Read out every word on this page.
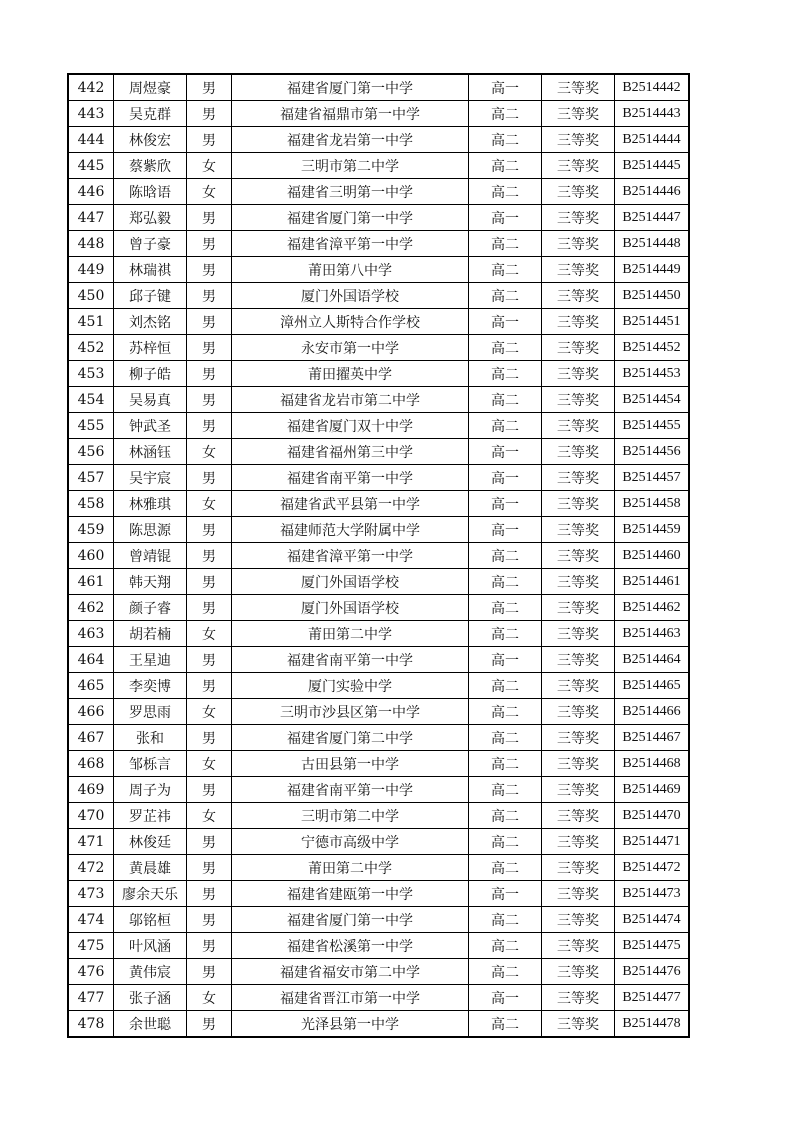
442	周煜豪	男	福建省厦门第一中学	高一	三等奖	B2514442
443	吴克群	男	福建省福鼎市第一中学	高二	三等奖	B2514443
444	林俊宏	男	福建省龙岩第一中学	高二	三等奖	B2514444
445	蔡紫欣	女	三明市第二中学	高二	三等奖	B2514445
446	陈晗语	女	福建省三明第一中学	高二	三等奖	B2514446
447	郑弘毅	男	福建省厦门第一中学	高一	三等奖	B2514447
448	曾子豪	男	福建省漳平第一中学	高二	三等奖	B2514448
449	林瑞祺	男	莆田第八中学	高二	三等奖	B2514449
450	邱子键	男	厦门外国语学校	高二	三等奖	B2514450
451	刘杰铭	男	漳州立人斯特合作学校	高一	三等奖	B2514451
452	苏梓恒	男	永安市第一中学	高二	三等奖	B2514452
453	柳子皓	男	莆田擢英中学	高二	三等奖	B2514453
454	吴易真	男	福建省龙岩市第二中学	高二	三等奖	B2514454
455	钟武圣	男	福建省厦门双十中学	高二	三等奖	B2514455
456	林涵钰	女	福建省福州第三中学	高一	三等奖	B2514456
457	吴宇宸	男	福建省南平第一中学	高一	三等奖	B2514457
458	林雅琪	女	福建省武平县第一中学	高一	三等奖	B2514458
459	陈思源	男	福建师范大学附属中学	高一	三等奖	B2514459
460	曾靖锟	男	福建省漳平第一中学	高二	三等奖	B2514460
461	韩天翔	男	厦门外国语学校	高二	三等奖	B2514461
462	颜子睿	男	厦门外国语学校	高二	三等奖	B2514462
463	胡若楠	女	莆田第二中学	高二	三等奖	B2514463
464	王星迪	男	福建省南平第一中学	高一	三等奖	B2514464
465	李奕博	男	厦门实验中学	高二	三等奖	B2514465
466	罗思雨	女	三明市沙县区第一中学	高二	三等奖	B2514466
467	张和	男	福建省厦门第二中学	高二	三等奖	B2514467
468	邹栎言	女	古田县第一中学	高二	三等奖	B2514468
469	周子为	男	福建省南平第一中学	高二	三等奖	B2514469
470	罗芷祎	女	三明市第二中学	高二	三等奖	B2514470
471	林俊廷	男	宁德市高级中学	高二	三等奖	B2514471
472	黄晨雄	男	莆田第二中学	高二	三等奖	B2514472
473	廖余天乐	男	福建省建瓯第一中学	高一	三等奖	B2514473
474	邬铭桓	男	福建省厦门第一中学	高二	三等奖	B2514474
475	叶风涵	男	福建省松溪第一中学	高二	三等奖	B2514475
476	黄伟宸	男	福建省福安市第二中学	高二	三等奖	B2514476
477	张子涵	女	福建省晋江市第一中学	高一	三等奖	B2514477
478	余世聪	男	光泽县第一中学	高二	三等奖	B2514478
